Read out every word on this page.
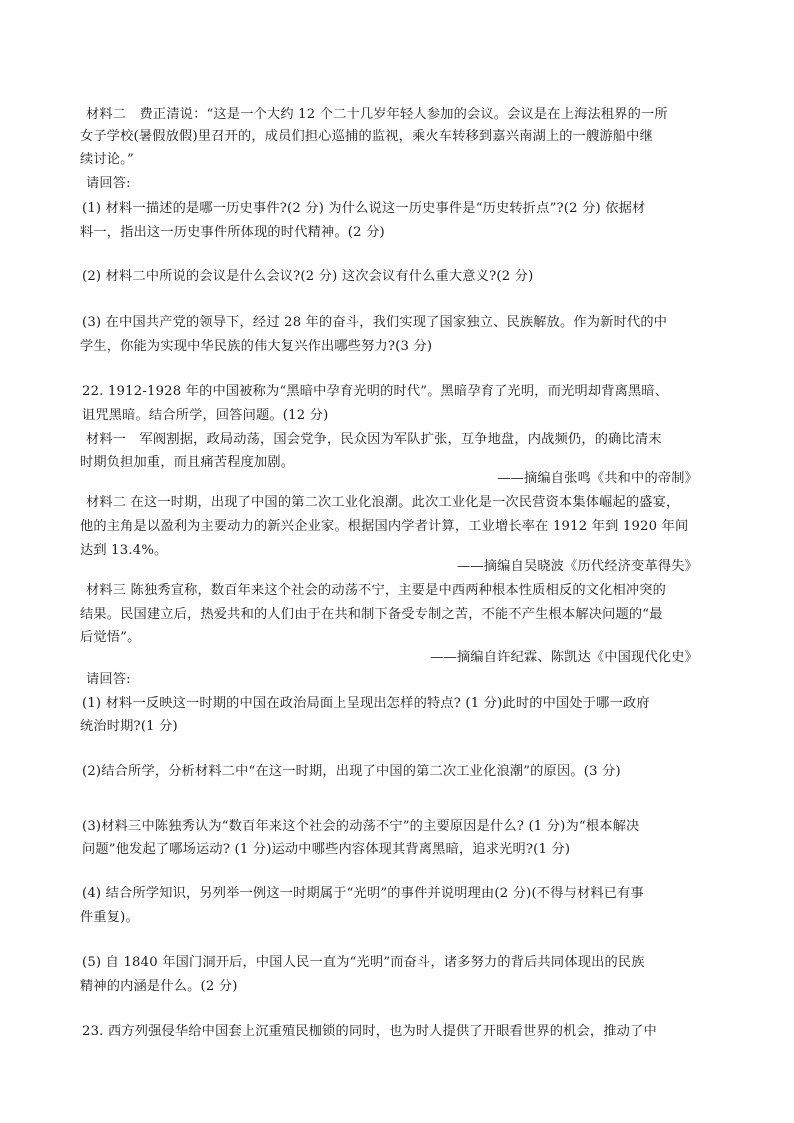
材料二　费正清说：“这是一个大约 12 个二十几岁年轻人参加的会议。会议是在上海法租界的一所
女子学校(暑假放假)里召开的，成员们担心巡捕的监视，乘火车转移到嘉兴南湖上的一艘游船中继
续讨论。”
请回答:
(1) 材料一描述的是哪一历史事件?(2 分) 为什么说这一历史事件是“历史转折点”?(2 分) 依据材
料一，指出这一历史事件所体现的时代精神。(2 分)
(2) 材料二中所说的会议是什么会议?(2 分) 这次会议有什么重大意义?(2 分)
(3) 在中国共产党的领导下，经过 28 年的奋斗，我们实现了国家独立、民族解放。作为新时代的中
学生，你能为实现中华民族的伟大复兴作出哪些努力?(3 分)
22. 1912-1928 年的中国被称为“黑暗中孕育光明的时代”。黑暗孕育了光明，而光明却背离黑暗、
诅咒黑暗。结合所学，回答问题。(12 分)
材料一　军阀割据，政局动荡，国会党争，民众因为军队扩张，互争地盘，内战频仍，的确比清末
时期负担加重，而且痛苦程度加剧。
——摘编自张鸣《共和中的帝制》
材料二 在这一时期，出现了中国的第二次工业化浪潮。此次工业化是一次民营资本集体崛起的盛宴，
他的主角是以盈利为主要动力的新兴企业家。根据国内学者计算，工业增长率在 1912 年到 1920 年间
达到 13.4%。
——摘编自吴晓波《历代经济变革得失》
材料三 陈独秀宣称，数百年来这个社会的动荡不宁，主要是中西两种根本性质相反的文化相冲突的
结果。民国建立后，热爱共和的人们由于在共和制下备受专制之苦，不能不产生根本解决问题的“最
后觉悟”。
——摘编自许纪霖、陈凯达《中国现代化史》
请回答:
(1) 材料一反映这一时期的中国在政治局面上呈现出怎样的特点? (1 分)此时的中国处于哪一政府
统治时期?(1 分)
(2)结合所学，分析材料二中“在这一时期，出现了中国的第二次工业化浪潮”的原因。(3 分)
(3)材料三中陈独秀认为“数百年来这个社会的动荡不宁”的主要原因是什么? (1 分)为“根本解决
问题”他发起了哪场运动? (1 分)运动中哪些内容体现其背离黑暗，追求光明?(1 分)
(4) 结合所学知识，另列举一例这一时期属于“光明”的事件并说明理由(2 分)(不得与材料已有事
件重复)。
(5) 自 1840 年国门洞开后，中国人民一直为“光明”而奋斗，诸多努力的背后共同体现出的民族
精神的内涵是什么。(2 分)
23. 西方列强侵华给中国套上沉重殖民枷锁的同时，也为时人提供了开眼看世界的机会，推动了中
